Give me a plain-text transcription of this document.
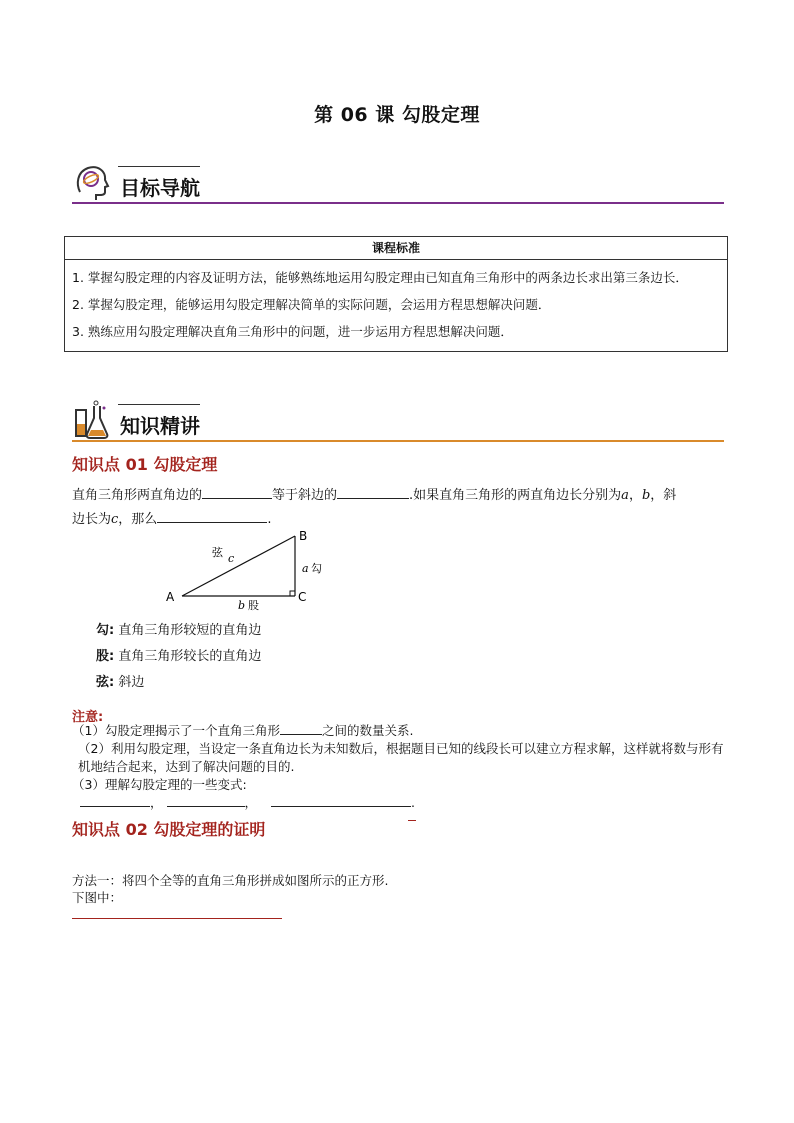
第 06 课 勾股定理
目标导航
课程标准

1. 掌握勾股定理的内容及证明方法，能够熟练地运用勾股定理由已知直角三角形中的两条边长求出第三条边长．

2. 掌握勾股定理，能够运用勾股定理解决简单的实际问题，会运用方程思想解决问题．

3. 熟练应用勾股定理解决直角三角形中的问题，进一步运用方程思想解决问题．

知识精讲
知识点 01 勾股定理
直角三角形两直角边的	等于斜边的	.如果直角三角形的两直角边长分别为a，b，斜
边长为c，那么	.
A
B
C
弦 c
a 勾
b 股
勾: 直角三角形较短的直角边
股: 直角三角形较长的直角边
弦: 斜边
注意:
（1）勾股定理揭示了一个直角三角形	之间的数量关系.
（2）利用勾股定理，当设定一条直角边长为未知数后，根据题目已知的线段长可以建立方程求解，这样就将数与形有机地结合起来，达到了解决问题的目的.
（3）理解勾股定理的一些变式:
，	，	.
知识点 02 勾股定理的证明
方法一：将四个全等的直角三角形拼成如图所示的正方形.
下图中：
